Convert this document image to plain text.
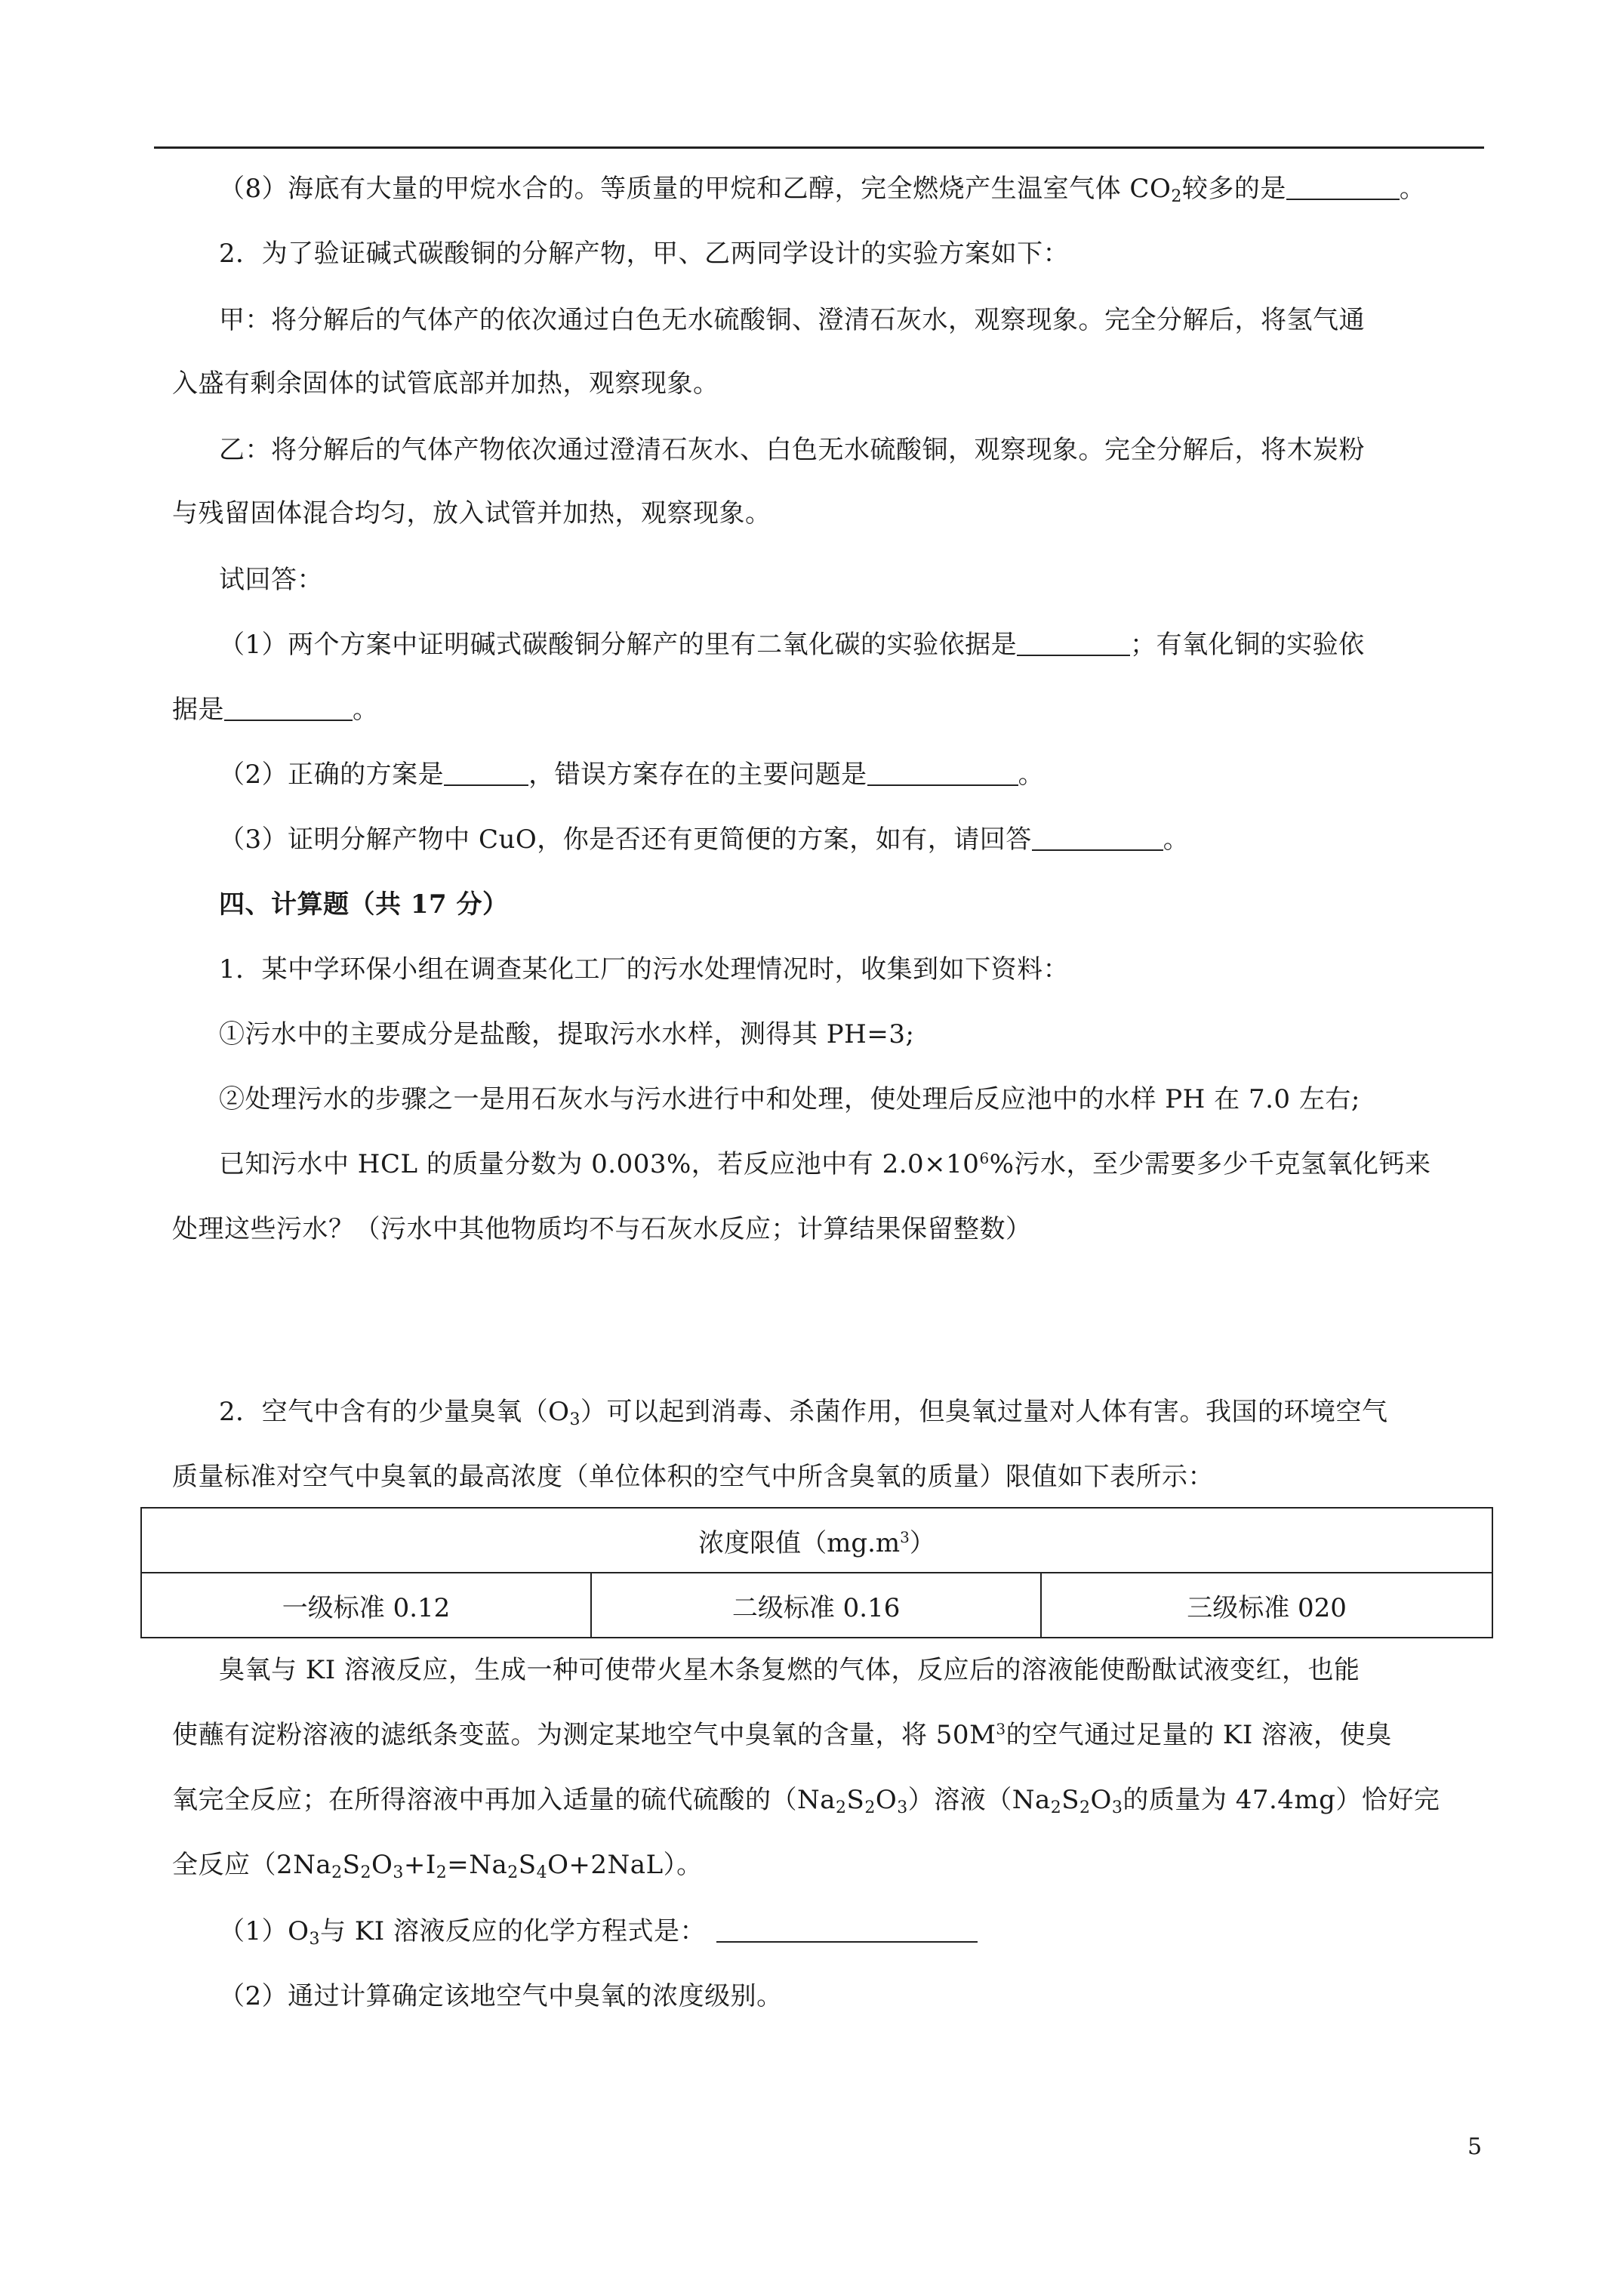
（8）海底有大量的甲烷水合的。等质量的甲烷和乙醇，完全燃烧产生温室气体 $CO_2$较多的是	。

2．为了验证碱式碳酸铜的分解产物，甲、乙两同学设计的实验方案如下：

甲：将分解后的气体产的依次通过白色无水硫酸铜、澄清石灰水，观察现象。完全分解后，将氢气通

入盛有剩余固体的试管底部并加热，观察现象。

乙：将分解后的气体产物依次通过澄清石灰水、白色无水硫酸铜，观察现象。完全分解后，将木炭粉

与残留固体混合均匀，放入试管并加热，观察现象。

试回答：

（1）两个方案中证明碱式碳酸铜分解产的里有二氧化碳的实验依据是	；有氧化铜的实验依

据是	。

（2）正确的方案是	，错误方案存在的主要问题是	。

（3）证明分解产物中 CuO，你是否还有更简便的方案，如有，请回答	。

四、计算题（共 17 分）

1．某中学环保小组在调查某化工厂的污水处理情况时，收集到如下资料：

①污水中的主要成分是盐酸，提取污水水样，测得其 PH=3;

②处理污水的步骤之一是用石灰水与污水进行中和处理，使处理后反应池中的水样 PH 在 7.0 左右;

已知污水中 HCL 的质量分数为 0.003%，若反应池中有 $2.0\times 10^6\%$污水，至少需要多少千克氢氧化钙来

处理这些污水？（污水中其他物质均不与石灰水反应；计算结果保留整数）

2．空气中含有的少量臭氧$(O_3)$可以起到消毒、杀菌作用，但臭氧过量对人体有害。我国的环境空气

质量标准对空气中臭氧的最高浓度（单位体积的空气中所含臭氧的质量）限值如下表所示：

浓度限值$(mg.m^3)$
一级标准 0.12	二级标准 0.16	三级标准 020

臭氧与 KI 溶液反应，生成一种可使带火星木条复燃的气体，反应后的溶液能使酚酞试液变红，也能

使蘸有淀粉溶液的滤纸条变蓝。为测定某地空气中臭氧的含量，将 $50M^3$的空气通过足量的 KI 溶液，使臭

氧完全反应；在所得溶液中再加入适量的硫代硫酸的$(Na_2S_2O_3)$溶液（$Na_2S_2O_3$的质量为 47.4mg）恰好完

全反应$(2Na_2S_2O_3+I_2=Na_2S_4O+2NaL)$。

$(1)O_3$与 KI 溶液反应的化学方程式是：

（2）通过计算确定该地空气中臭氧的浓度级别。

5
